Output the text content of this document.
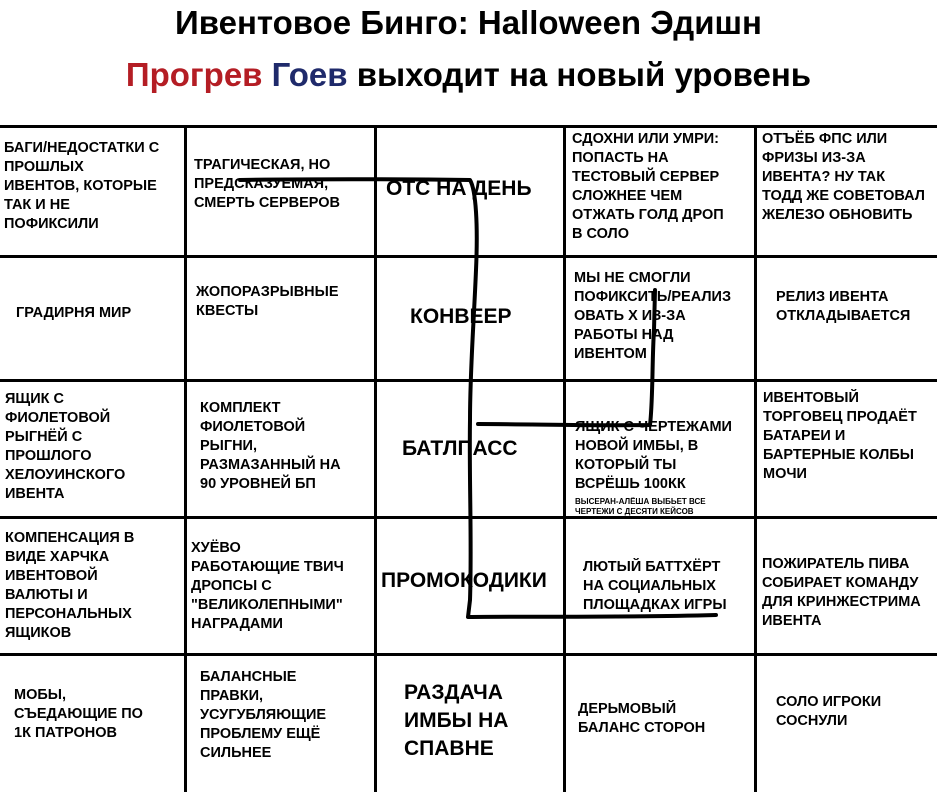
Ивентовое Бинго: Halloween Эдишн
Прогрев Гоев выходит на новый уровень
БАГИ/НЕДОСТАТКИ С
ПРОШЛЫХ
ИВЕНТОВ, КОТОРЫЕ
ТАК И НЕ
ПОФИКСИЛИ
ТРАГИЧЕСКАЯ, НО
ПРЕДСКАЗУЕМАЯ,
СМЕРТЬ СЕРВЕРОВ
ОТС НА ДЕНЬ
СДОХНИ ИЛИ УМРИ:
ПОПАСТЬ НА
ТЕСТОВЫЙ СЕРВЕР
СЛОЖНЕЕ ЧЕМ
ОТЖАТЬ ГОЛД ДРОП
В СОЛО
ОТЪЁБ ФПС ИЛИ
ФРИЗЫ ИЗ-ЗА
ИВЕНТА? НУ ТАК
ТОДД ЖЕ СОВЕТОВАЛ
ЖЕЛЕЗО ОБНОВИТЬ
ГРАДИРНЯ МИР
ЖОПОРАЗРЫВНЫЕ
КВЕСТЫ	КОНВЕЕР
МЫ НЕ СМОГЛИ
ПОФИКСИТЬ/РЕАЛИЗ
ОВАТЬ Х ИЗ-ЗА
РАБОТЫ НАД
ИВЕНТОМ
РЕЛИЗ ИВЕНТА
ОТКЛАДЫВАЕТСЯ
ЯЩИК С
ФИОЛЕТОВОЙ
РЫГНЁЙ С
ПРОШЛОГО
ХЕЛОУИНСКОГО
ИВЕНТА
КОМПЛЕКТ
ФИОЛЕТОВОЙ
РЫГНИ,
РАЗМАЗАННЫЙ НА
90 УРОВНЕЙ БП
БАТЛПАСС

ЯЩИК С ЧЕРТЕЖАМИ
НОВОЙ ИМБЫ, В
КОТОРЫЙ ТЫ
ВСРЁШЬ 100КК

ВЫСЕРАН-АЛЁША ВЫБЬЕТ ВСЕ
ЧЕРТЕЖИ С ДЕСЯТИ КЕЙСОВ

ИВЕНТОВЫЙ
ТОРГОВЕЦ ПРОДАЁТ
БАТАРЕИ И
БАРТЕРНЫЕ КОЛБЫ
МОЧИ
КОМПЕНСАЦИЯ В
ВИДЕ ХАРЧКА
ИВЕНТОВОЙ
ВАЛЮТЫ И
ПЕРСОНАЛЬНЫХ
ЯЩИКОВ
ХУЁВО
РАБОТАЮЩИЕ ТВИЧ
ДРОПСЫ С
"ВЕЛИКОЛЕПНЫМИ"
НАГРАДАМИ
ПРОМОКОДИКИ
ЛЮТЫЙ БАТТХЁРТ
НА СОЦИАЛЬНЫХ
ПЛОЩАДКАХ ИГРЫ
ПОЖИРАТЕЛЬ ПИВА
СОБИРАЕТ КОМАНДУ
ДЛЯ КРИНЖЕСТРИМА
ИВЕНТА
МОБЫ,
СЪЕДАЮЩИЕ ПО
1К ПАТРОНОВ
БАЛАНСНЫЕ
ПРАВКИ,
УСУГУБЛЯЮЩИЕ
ПРОБЛЕМУ ЕЩЁ
СИЛЬНЕЕ
РАЗДАЧА
ИМБЫ НА
СПАВНЕ
ДЕРЬМОВЫЙ
БАЛАНС СТОРОН
СОЛО ИГРОКИ
СОСНУЛИ
